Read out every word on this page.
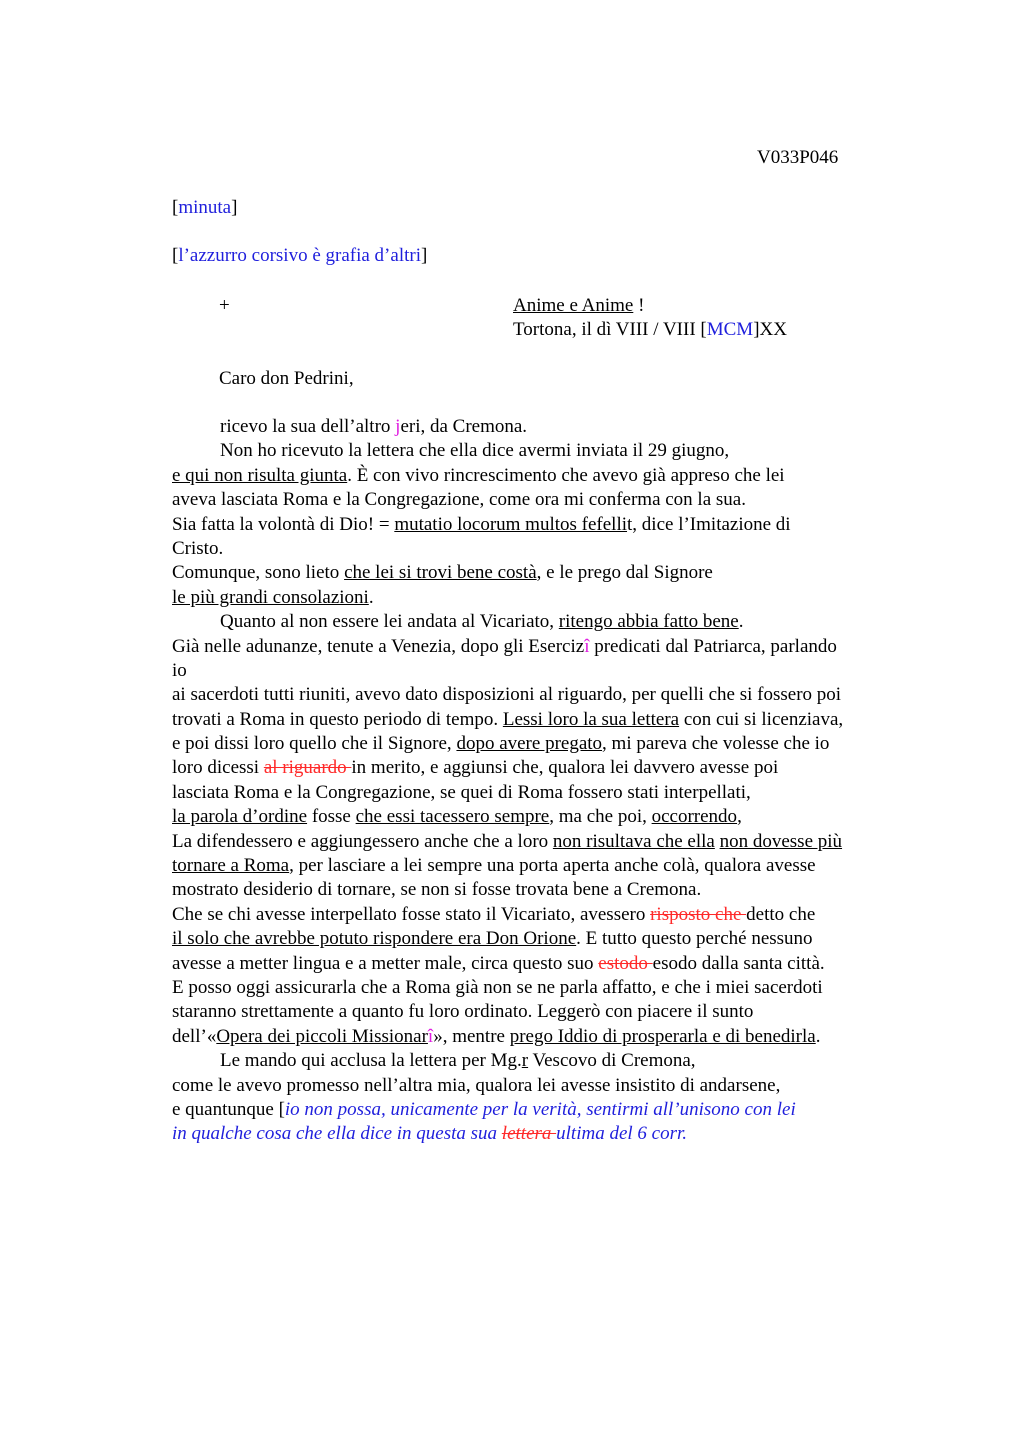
V033P046
[minuta]
[l’azzurro corsivo è grafia d’altri]
+	Anime e Anime !
Tortona, il dì VIII / VIII [MCM]XX
Caro don Pedrini,
ricevo la sua dell’altro jeri, da Cremona.
Non ho ricevuto la lettera che ella dice avermi inviata il 29 giugno,
e qui non risulta giunta. È con vivo rincrescimento che avevo già appreso che lei
aveva lasciata Roma e la Congregazione, come ora mi conferma con la sua.
Sia fatta la volontà di Dio! = mutatio locorum multos fefellit, dice l’Imitazione di
Cristo.
Comunque, sono lieto che lei si trovi bene costà, e le prego dal Signore
le più grandi consolazioni.
Quanto al non essere lei andata al Vicariato, ritengo abbia fatto bene.
Già nelle adunanze, tenute a Venezia, dopo gli Esercizî predicati dal Patriarca, parlando
io
ai sacerdoti tutti riuniti, avevo dato disposizioni al riguardo, per quelli che si fossero poi
trovati a Roma in questo periodo di tempo. Lessi loro la sua lettera con cui si licenziava,
e poi dissi loro quello che il Signore, dopo avere pregato, mi pareva che volesse che io
loro dicessi al riguardo in merito, e aggiunsi che, qualora lei davvero avesse poi
lasciata Roma e la Congregazione, se quei di Roma fossero stati interpellati,
la parola d’ordine fosse che essi tacessero sempre, ma che poi, occorrendo,
La difendessero e aggiungessero anche che a loro non risultava che ella non dovesse più
tornare a Roma, per lasciare a lei sempre una porta aperta anche colà, qualora avesse
mostrato desiderio di tornare, se non si fosse trovata bene a Cremona.
Che se chi avesse interpellato fosse stato il Vicariato, avessero risposto che detto che
il solo che avrebbe potuto rispondere era Don Orione. E tutto questo perché nessuno
avesse a metter lingua e a metter male, circa questo suo estodo esodo dalla santa città.
E posso oggi assicurarla che a Roma già non se ne parla affatto, e che i miei sacerdoti
staranno strettamente a quanto fu loro ordinato. Leggerò con piacere il sunto
dell’«Opera dei piccoli Missionarî», mentre prego Iddio di prosperarla e di benedirla.
Le mando qui acclusa la lettera per Mg.r Vescovo di Cremona,
come le avevo promesso nell’altra mia, qualora lei avesse insistito di andarsene,
e quantunque [io non possa, unicamente per la verità, sentirmi all’unisono con lei
in qualche cosa che ella dice in questa sua lettera ultima del 6 corr.
